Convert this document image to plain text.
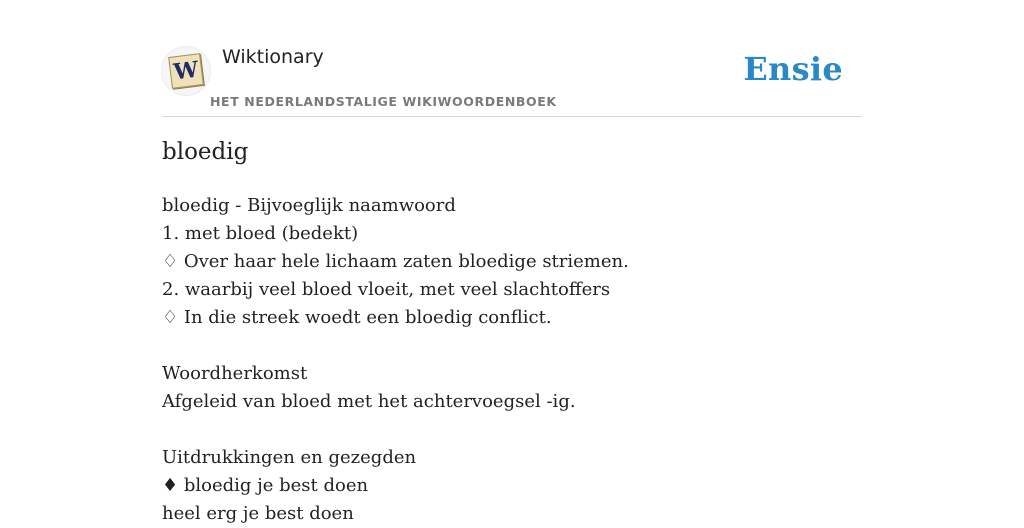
W Wiktionary
HET NEDERLANDSTALIGE WIKIWOORDENBOEK
Ensie
bloedig
bloedig - Bijvoeglijk naamwoord
1. met bloed (bedekt)
♢ Over haar hele lichaam zaten bloedige striemen.
2. waarbij veel bloed vloeit, met veel slachtoffers
♢ In die streek woedt een bloedig conflict.
Woordherkomst
Afgeleid van bloed met het achtervoegsel -ig.
Uitdrukkingen en gezegden
♦ bloedig je best doen
heel erg je best doen
